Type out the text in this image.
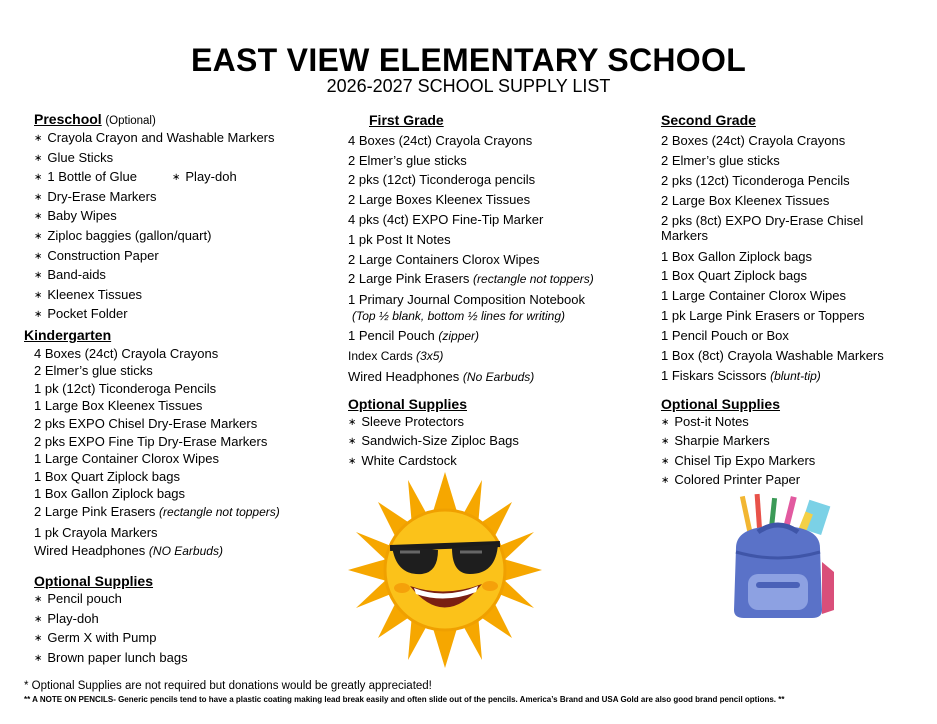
EAST VIEW ELEMENTARY SCHOOL
2026-2027 SCHOOL SUPPLY LIST
Preschool (Optional)
∗ Crayola Crayon and Washable Markers
∗ Glue Sticks
∗ 1 Bottle of Glue∗	Play-doh
∗ Dry-Erase Markers
∗ Baby Wipes
∗ Ziploc baggies (gallon/quart)
∗ Construction Paper
∗ Band-aids
∗ Kleenex Tissues
∗ Pocket Folder
Kindergarten
4 Boxes (24ct) Crayola Crayons
2 Elmer’s glue sticks
1 pk (12ct) Ticonderoga Pencils
1 Large Box Kleenex Tissues
2 pks EXPO Chisel Dry-Erase Markers
2 pks EXPO Fine Tip Dry-Erase Markers
1 Large Container Clorox Wipes
1 Box Quart Ziplock bags
1 Box Gallon Ziplock bags
2 Large Pink Erasers (rectangle not toppers)
1 pk Crayola Markers
Wired Headphones (NO Earbuds)
Optional Supplies
∗ Pencil pouch
∗ Play-doh
∗ Germ X with Pump
∗ Brown paper lunch bags
First Grade
4 Boxes (24ct) Crayola Crayons
2 Elmer’s glue sticks
2 pks (12ct) Ticonderoga pencils
2 Large Boxes Kleenex Tissues
4 pks (4ct) EXPO Fine-Tip Marker
1 pk Post It Notes
2 Large Containers Clorox Wipes
2 Large Pink Erasers (rectangle not toppers)
1 Primary Journal Composition Notebook
(Top ½ blank, bottom ½ lines for writing)
1 Pencil Pouch (zipper)
Index Cards (3x5)
Wired Headphones (No Earbuds)
Optional Supplies
∗ Sleeve Protectors
∗ Sandwich-Size Ziploc Bags
∗ White Cardstock
Second Grade
2 Boxes (24ct) Crayola Crayons
2 Elmer’s glue sticks
2 pks (12ct) Ticonderoga Pencils
2 Large Box Kleenex Tissues
2 pks (8ct) EXPO Dry-Erase Chisel Markers
1 Box Gallon Ziplock bags
1 Box Quart Ziplock bags
1 Large Container Clorox Wipes
1 pk Large Pink Erasers or Toppers
1 Pencil Pouch or Box
1 Box (8ct) Crayola Washable Markers
1 Fiskars Scissors (blunt-tip)
Optional Supplies
∗ Post-it Notes
∗ Sharpie Markers
∗ Chisel Tip Expo Markers
∗ Colored Printer Paper
* Optional Supplies are not required but donations would be greatly appreciated!
** A NOTE ON PENCILS- Generic pencils tend to have a plastic coating making lead break easily and often slide out of the pencils. America’s Brand and USA Gold are also good brand pencil options. **
